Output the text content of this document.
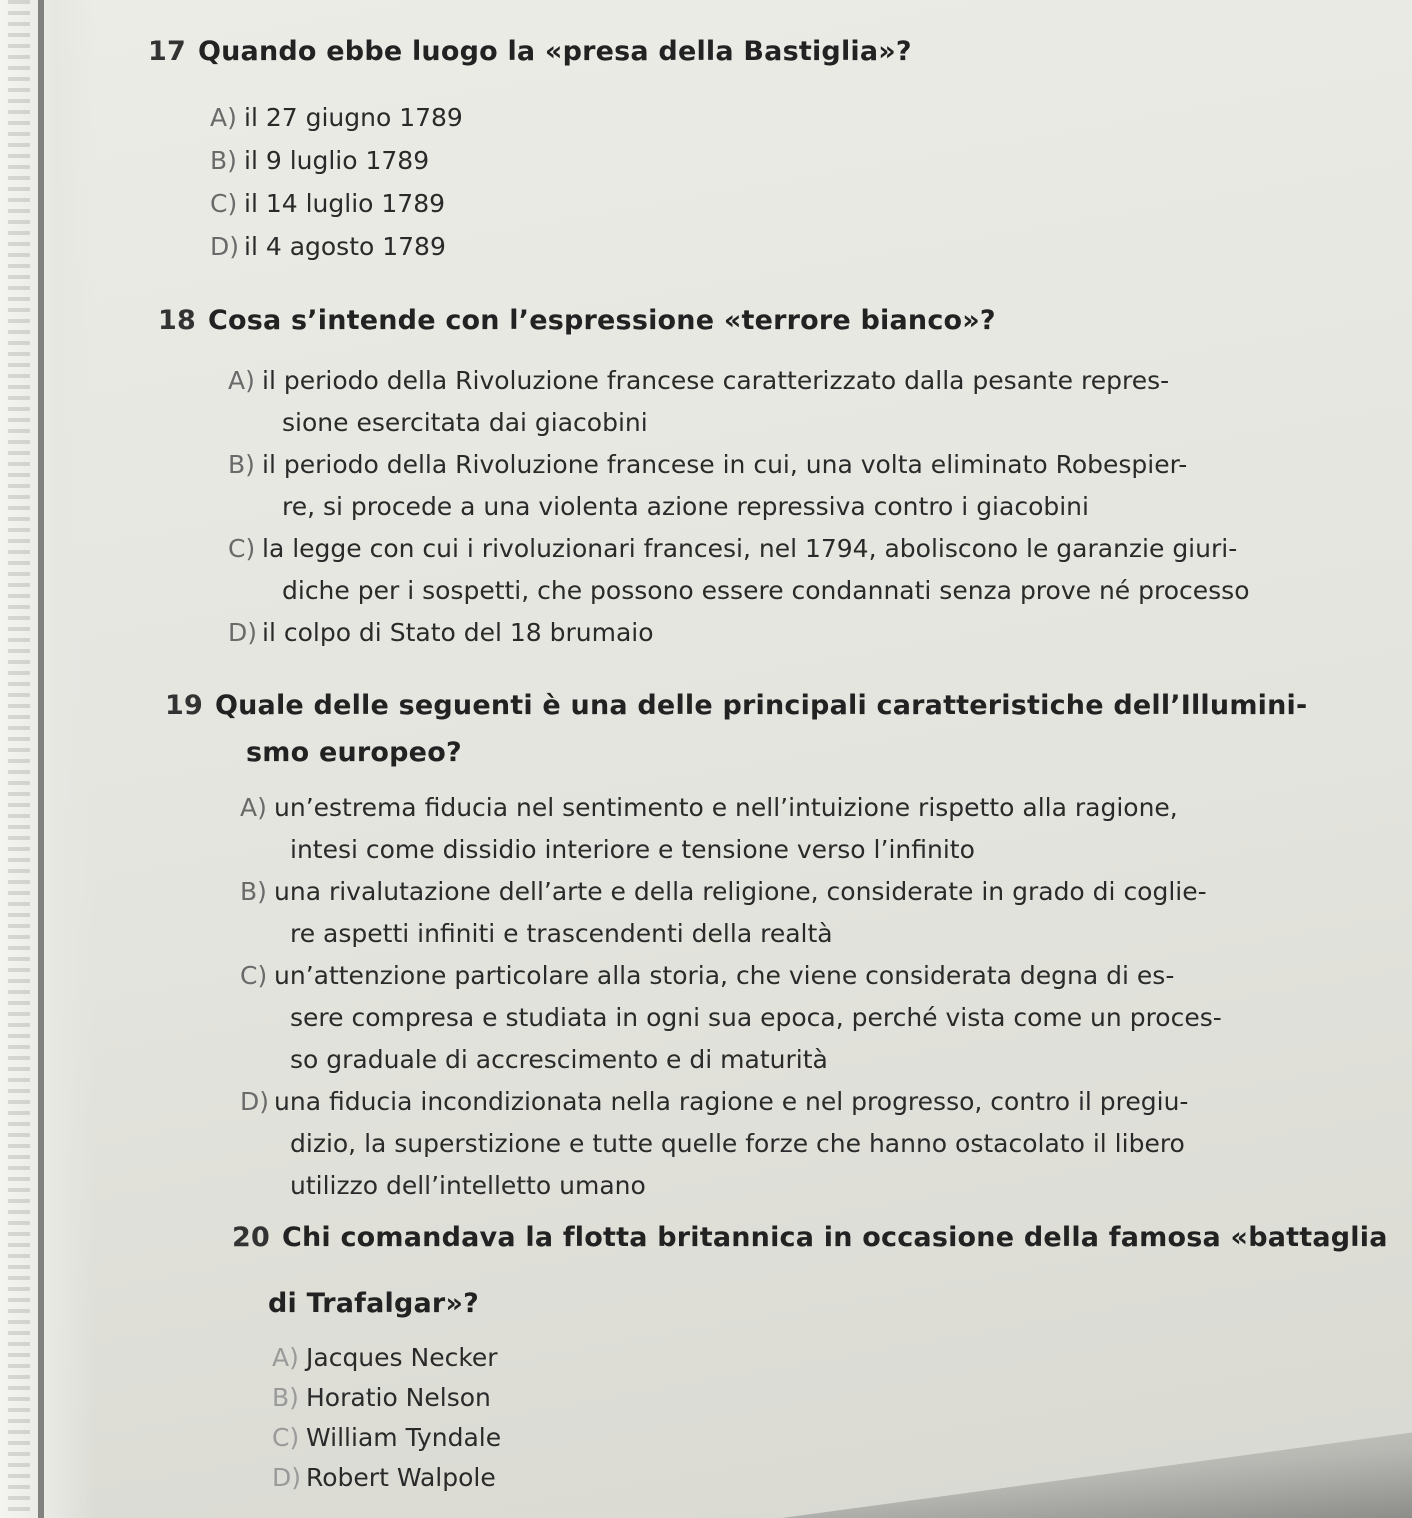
17 Quando ebbe luogo la «presa della Bastiglia»?
A) il 27 giugno 1789
B) il 9 luglio 1789
C) il 14 luglio 1789
D) il 4 agosto 1789
18 Cosa s’intende con l’espressione «terrore bianco»?
A) il periodo della Rivoluzione francese caratterizzato dalla pesante repres-
sione esercitata dai giacobini
B) il periodo della Rivoluzione francese in cui, una volta eliminato Robespier-
re, si procede a una violenta azione repressiva contro i giacobini
C) la legge con cui i rivoluzionari francesi, nel 1794, aboliscono le garanzie giuri-
diche per i sospetti, che possono essere condannati senza prove né processo
D) il colpo di Stato del 18 brumaio
19 Quale delle seguenti è una delle principali caratteristiche dell’Illumini-
smo europeo?
A) un’estrema fiducia nel sentimento e nell’intuizione rispetto alla ragione,
intesi come dissidio interiore e tensione verso l’infinito
B) una rivalutazione dell’arte e della religione, considerate in grado di coglie-
re aspetti infiniti e trascendenti della realtà
C) un’attenzione particolare alla storia, che viene considerata degna di es-
sere compresa e studiata in ogni sua epoca, perché vista come un proces-
so graduale di accrescimento e di maturità
D) una fiducia incondizionata nella ragione e nel progresso, contro il pregiu-
dizio, la superstizione e tutte quelle forze che hanno ostacolato il libero
utilizzo dell’intelletto umano
20 Chi comandava la flotta britannica in occasione della famosa «battaglia
di Trafalgar»?
A) Jacques Necker
B) Horatio Nelson
C) William Tyndale
D) Robert Walpole
